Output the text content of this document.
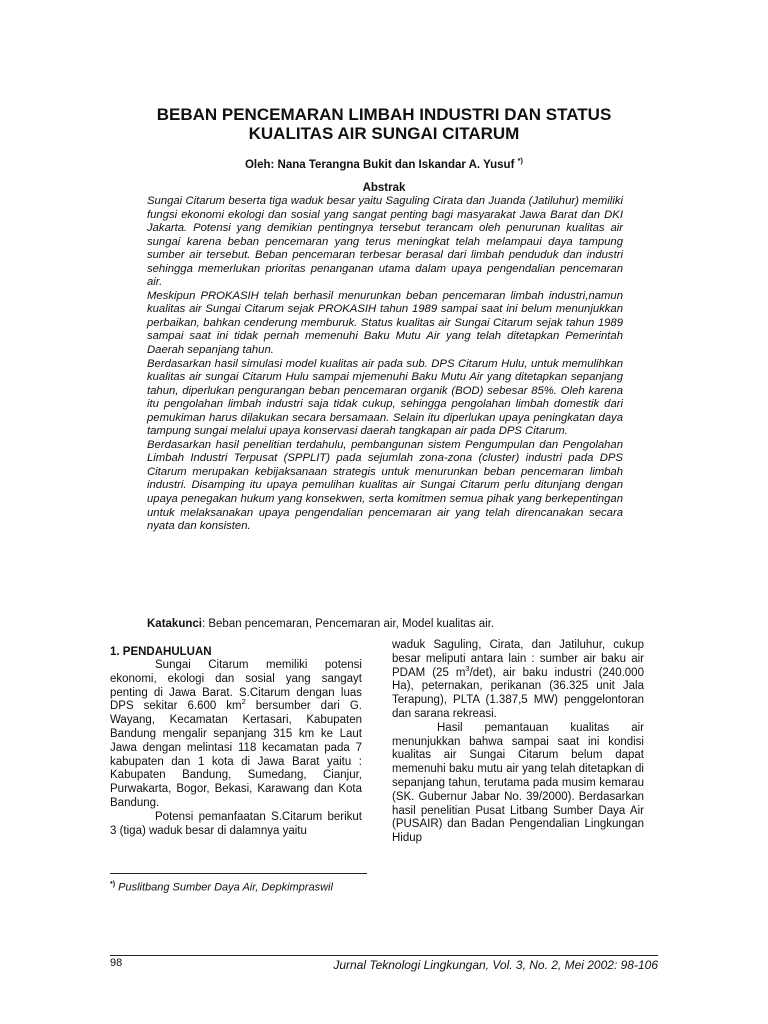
BEBAN PENCEMARAN LIMBAH INDUSTRI DAN STATUS
KUALITAS AIR SUNGAI CITARUM
Oleh: Nana Terangna Bukit dan Iskandar A. Yusuf *)
Abstrak

Sungai Citarum beserta tiga waduk besar yaitu Saguling Cirata dan Juanda (Jatiluhur) memiliki fungsi ekonomi ekologi dan sosial yang sangat penting bagi masyarakat Jawa Barat dan DKI Jakarta. Potensi yang demikian pentingnya tersebut terancam oleh penurunan kualitas air sungai karena beban pencemaran yang terus meningkat telah melampaui daya tampung sumber air tersebut. Beban pencemaran terbesar berasal dari limbah penduduk dan industri sehingga memerlukan prioritas penanganan utama dalam upaya pengendalian pencemaran air.

Meskipun PROKASIH telah berhasil menurunkan beban pencemaran limbah industri,namun kualitas air Sungai Citarum sejak PROKASIH tahun 1989 sampai saat ini belum menunjukkan perbaikan, bahkan cenderung memburuk. Status kualitas air Sungai Citarum sejak tahun 1989 sampai saat ini tidak pernah memenuhi Baku Mutu Air yang telah ditetapkan Pemerintah Daerah sepanjang tahun.

Berdasarkan hasil simulasi model kualitas air pada sub. DPS Citarum Hulu, untuk memulihkan kualitas air sungai Citarum Hulu sampai mjemenuhi Baku Mutu Air yang ditetapkan sepanjang tahun, diperlukan pengurangan beban pencemaran organik (BOD) sebesar 85%. Oleh karena itu pengolahan limbah industri saja tidak cukup, sehingga pengolahan limbah domestik dari pemukiman harus dilakukan secara bersamaan. Selain itu diperlukan upaya peningkatan daya tampung sungai melalui upaya konservasi daerah tangkapan air pada DPS Citarum.

Berdasarkan hasil penelitian terdahulu, pembangunan sistem Pengumpulan dan Pengolahan Limbah Industri Terpusat (SPPLIT) pada sejumlah zona-zona (cluster) industri pada DPS Citarum merupakan kebijaksanaan strategis untuk menurunkan beban pencemaran limbah industri. Disamping itu upaya pemulihan kualitas air Sungai Citarum perlu ditunjang dengan upaya penegakan hukum yang konsekwen, serta komitmen semua pihak yang berkepentingan untuk melaksanakan upaya pengendalian pencemaran air yang telah direncanakan secara nyata dan konsisten.

Katakunci: Beban pencemaran, Pencemaran air, Model kualitas air.

1. PENDAHULUAN

Sungai Citarum memiliki potensi ekonomi, ekologi dan sosial yang sangayt penting di Jawa Barat. S.Citarum dengan luas DPS sekitar 6.600 $km^2$ bersumber dari G. Wayang, Kecamatan Kertasari, Kabupaten Bandung mengalir sepanjang 315 km ke Laut Jawa dengan melintasi 118 kecamatan pada 7 kabupaten dan 1 kota di Jawa Barat yaitu : Kabupaten Bandung, Sumedang, Cianjur, Purwakarta, Bogor, Bekasi, Karawang dan Kota Bandung.

Potensi pemanfaatan S.Citarum berikut 3 (tiga) waduk besar di dalamnya yaitu

waduk Saguling, Cirata, dan Jatiluhur, cukup besar meliputi antara lain : sumber air baku air PDAM (25 $m^3/\det$), air baku industri (240.000 Ha), peternakan, perikanan (36.325 unit Jala Terapung), PLTA (1.387,5 MW) penggelontoran dan sarana rekreasi.

Hasil pemantauan kualitas air menunjukkan bahwa sampai saat ini kondisi kualitas air Sungai Citarum belum dapat memenuhi baku mutu air yang telah ditetapkan di sepanjang tahun, terutama pada musim kemarau (SK. Gubernur Jabar No. 39/2000). Berdasarkan hasil penelitian Pusat Litbang Sumber Daya Air (PUSAIR) dan Badan Pengendalian Lingkungan Hidup

*) Puslitbang Sumber Daya Air, Depkimpraswil
98	Jurnal Teknologi Lingkungan, Vol. 3, No. 2, Mei 2002: 98-106
